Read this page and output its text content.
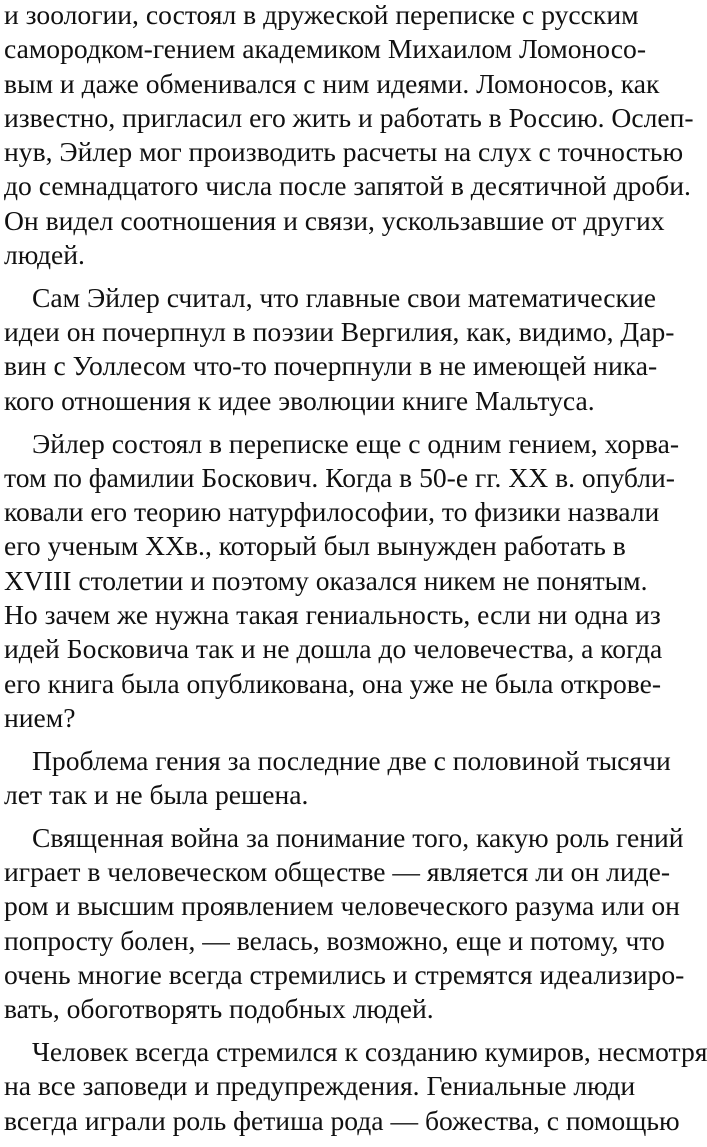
и зоологии, состоял в дружеской переписке с русским
самородком-гением академиком Михаилом Ломоносо-
вым и даже обменивался с ним идеями. Ломоносов, как
известно, пригласил его жить и работать в Россию. Ослеп-
нув, Эйлер мог производить расчеты на слух с точностью
до семнадцатого числа после запятой в десятичной дроби.
Он видел соотношения и связи, ускользавшие от других
людей.
Сам Эйлер считал, что главные свои математические
идеи он почерпнул в поэзии Вергилия, как, видимо, Дар-
вин с Уоллесом что-то почерпнули в не имеющей ника-
кого отношения к идее эволюции книге Мальтуса.
Эйлер состоял в переписке еще с одним гением, хорва-
том по фамилии Боскович. Когда в 50-е гг. XX в. опубли-
ковали его теорию натурфилософии, то физики назвали
его ученым XXв., который был вынужден работать в
XVIII столетии и поэтому оказался никем не понятым.
Но зачем же нужна такая гениальность, если ни одна из
идей Босковича так и не дошла до человечества, а когда
его книга была опубликована, она уже не была открове-
нием?
Проблема гения за последние две с половиной тысячи
лет так и не была решена.
Священная война за понимание того, какую роль гений
играет в человеческом обществе — является ли он лиде-
ром и высшим проявлением человеческого разума или он
попросту болен, — велась, возможно, еще и потому, что
очень многие всегда стремились и стремятся идеализиро-
вать, обоготворять подобных людей.
Человек всегда стремился к созданию кумиров, несмотря
на все заповеди и предупреждения. Гениальные люди
всегда играли роль фетиша рода — божества, с помощью
